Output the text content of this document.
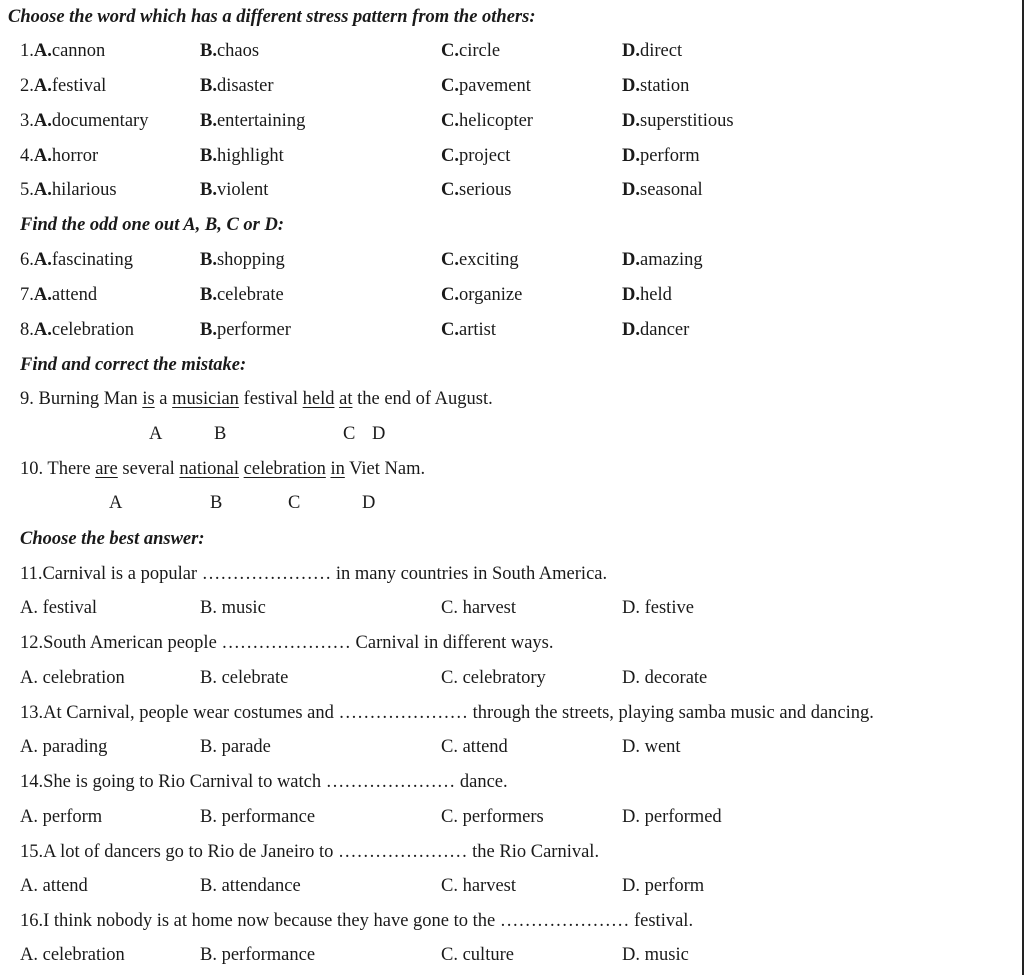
Choose the word which has a different stress pattern from the others:
1.A.cannon	B.chaos	C.circle	D.direct
2.A.festival	B.disaster	C.pavement	D.station
3.A.documentary	B.entertaining	C.helicopter	D.superstitious
4.A.horror	B.highlight	C.project	D.perform
5.A.hilarious	B.violent	C.serious	D.seasonal
Find the odd one out A, B, C or D:
6.A.fascinating	B.shopping	C.exciting	D.amazing
7.A.attend	B.celebrate	C.organize	D.held
8.A.celebration	B.performer	C.artist	D.dancer
Find and correct the mistake:
9. Burning Man is a musician festival held at the end of August.
A	B	C D
10. There are several national celebration in Viet Nam.
A	B	C	D
Choose the best answer:
11.Carnival is a popular ………………… in many countries in South America.
A. festival	B. music	C. harvest	D. festive
12.South American people ………………… Carnival in different ways.
A. celebration	B. celebrate	C. celebratory	D. decorate
13.At Carnival, people wear costumes and ………………… through the streets, playing samba music and dancing.
A. parading	B. parade	C. attend	D. went
14.She is going to Rio Carnival to watch ………………… dance.
A. perform	B. performance	C. performers	D. performed
15.A lot of dancers go to Rio de Janeiro to ………………… the Rio Carnival.
A. attend	B. attendance	C. harvest	D. perform
16.I think nobody is at home now because they have gone to the ………………… festival.
A. celebration	B. performance	C. culture	D. music
